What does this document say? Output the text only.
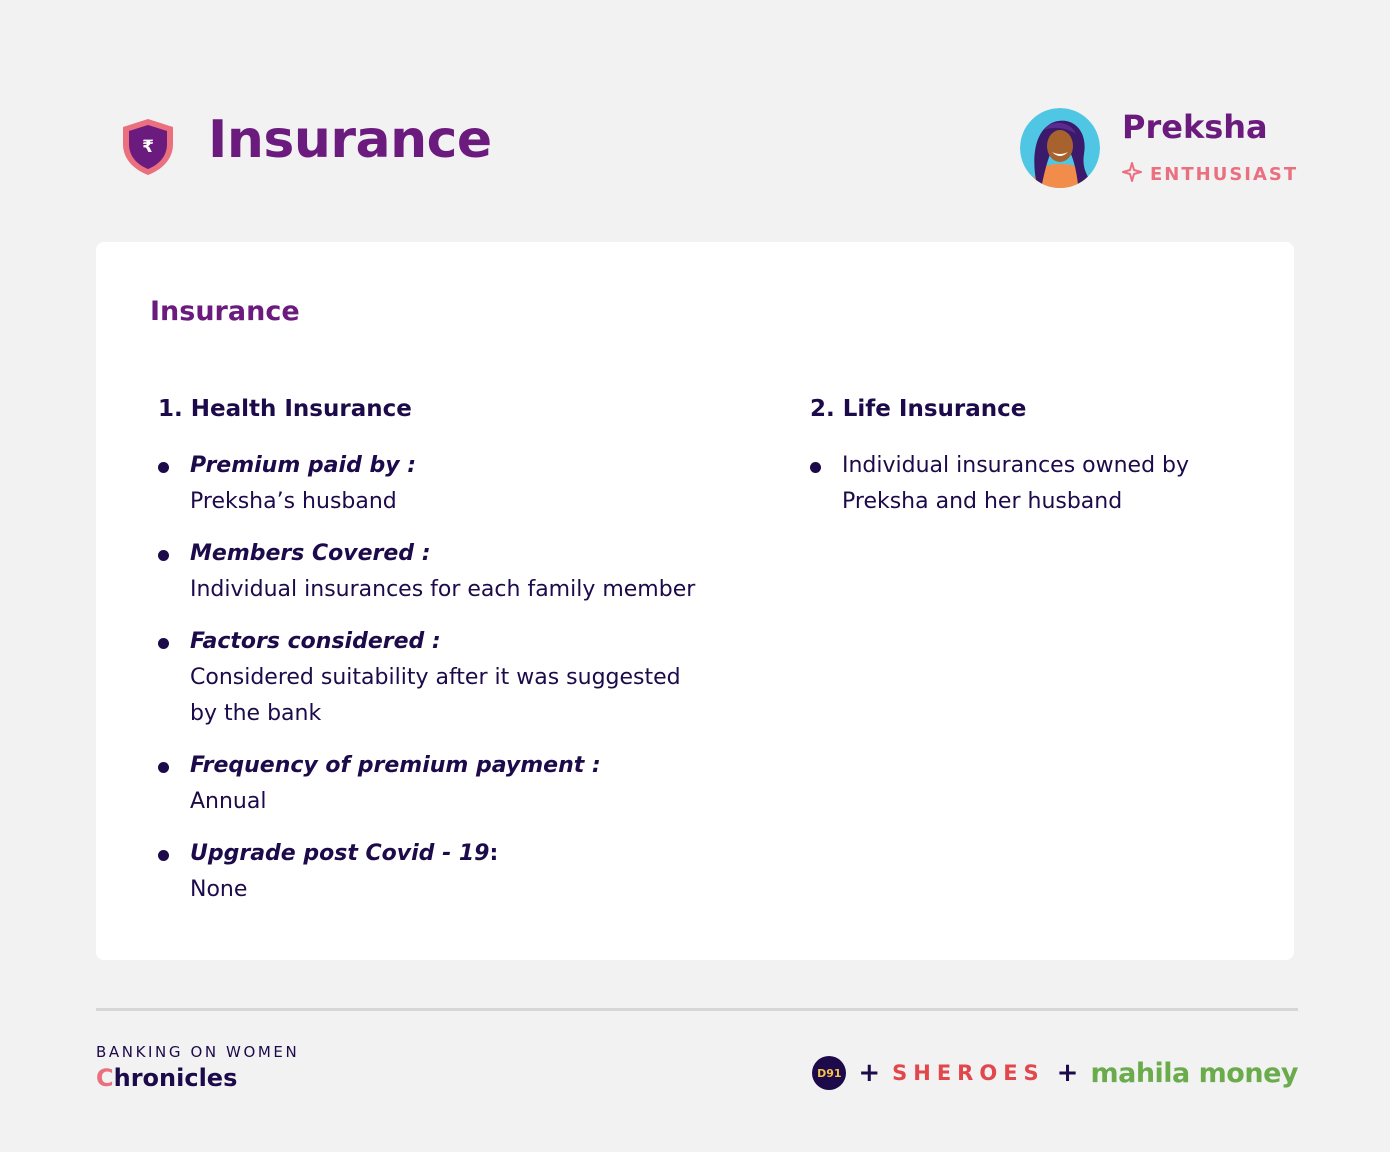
₹ Insurance	Preksha
ENTHUSIAST
Insurance
1. Health Insurance
Premium paid by :
Preksha’s husband
Members Covered :
Individual insurances for each family member
Factors considered :
Considered suitability after it was suggested by the bank
Frequency of premium payment :
Annual
Upgrade post Covid - 19:
None
2. Life Insurance
Individual insurances owned by Preksha and her husband
BANKING ON WOMEN
Chronicles	D91 + SHEROES + mahila money
